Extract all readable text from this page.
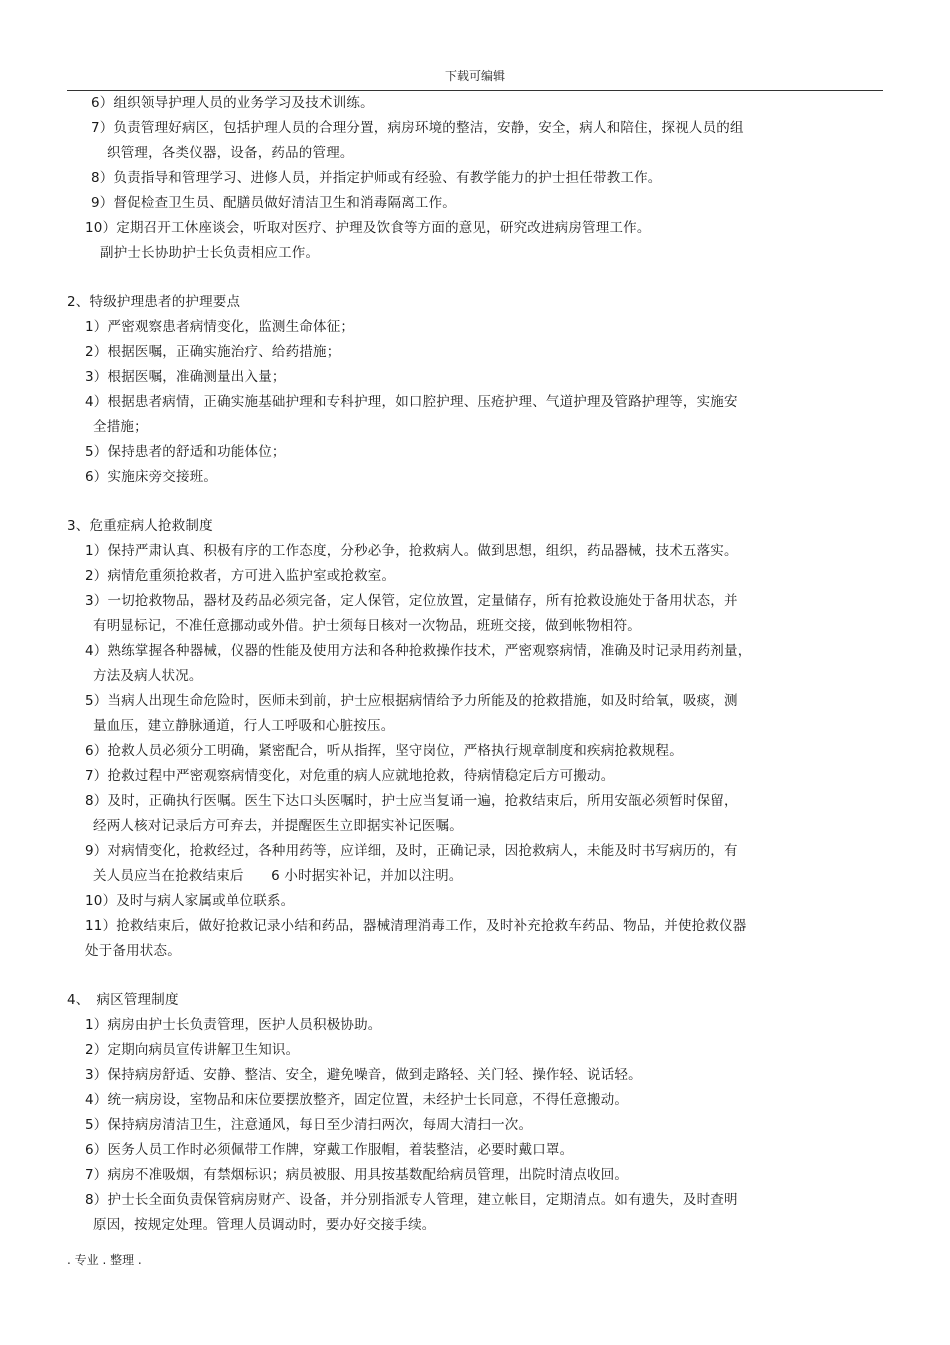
下载可编辑
6）组织领导护理人员的业务学习及技术训练。
7）负责管理好病区，包括护理人员的合理分置，病房环境的整洁，安静，安全，病人和陪住，探视人员的组
织管理，各类仪器，设备，药品的管理。
8）负责指导和管理学习、进修人员，并指定护师或有经验、有教学能力的护士担任带教工作。
9）督促检查卫生员、配膳员做好清洁卫生和消毒隔离工作。
10）定期召开工休座谈会，听取对医疗、护理及饮食等方面的意见，研究改进病房管理工作。
副护士长协助护士长负责相应工作。
2、特级护理患者的护理要点
1）严密观察患者病情变化，监测生命体征；
2）根据医嘱，正确实施治疗、给药措施；
3）根据医嘱，准确测量出入量；
4）根据患者病情，正确实施基础护理和专科护理，如口腔护理、压疮护理、气道护理及管路护理等，实施安
全措施；
5）保持患者的舒适和功能体位；
6）实施床旁交接班。
3、危重症病人抢救制度
1）保持严肃认真、积极有序的工作态度，分秒必争，抢救病人。做到思想，组织，药品器械，技术五落实。
2）病情危重须抢救者，方可进入监护室或抢救室。
3）一切抢救物品，器材及药品必须完备，定人保管，定位放置，定量储存，所有抢救设施处于备用状态，并
有明显标记，不准任意挪动或外借。护士须每日核对一次物品，班班交接，做到帐物相符。
4）熟练掌握各种器械，仪器的性能及使用方法和各种抢救操作技术，严密观察病情，准确及时记录用药剂量，
方法及病人状况。
5）当病人出现生命危险时，医师未到前，护士应根据病情给予力所能及的抢救措施，如及时给氧，吸痰，测
量血压，建立静脉通道，行人工呼吸和心脏按压。
6）抢救人员必须分工明确，紧密配合，听从指挥，坚守岗位，严格执行规章制度和疾病抢救规程。
7）抢救过程中严密观察病情变化，对危重的病人应就地抢救，待病情稳定后方可搬动。
8）及时，正确执行医嘱。医生下达口头医嘱时，护士应当复诵一遍，抢救结束后，所用安瓿必须暂时保留，
经两人核对记录后方可弃去，并提醒医生立即据实补记医嘱。
9）对病情变化，抢救经过，各种用药等，应详细，及时，正确记录，因抢救病人，未能及时书写病历的，有
关人员应当在抢救结束后　　6 小时据实补记，并加以注明。
10）及时与病人家属或单位联系。
11）抢救结束后，做好抢救记录小结和药品，器械清理消毒工作，及时补充抢救车药品、物品，并使抢救仪器
处于备用状态。
4、　病区管理制度
1）病房由护士长负责管理，医护人员积极协助。
2）定期向病员宣传讲解卫生知识。
3）保持病房舒适、安静、整洁、安全，避免噪音，做到走路轻、关门轻、操作轻、说话轻。
4）统一病房设，室物品和床位要摆放整齐，固定位置，未经护士长同意，不得任意搬动。
5）保持病房清洁卫生，注意通风，每日至少清扫两次，每周大清扫一次。
6）医务人员工作时必须佩带工作牌，穿戴工作服帽，着装整洁，必要时戴口罩。
7）病房不准吸烟，有禁烟标识；病员被服、用具按基数配给病员管理，出院时清点收回。
8）护士长全面负责保管病房财产、设备，并分别指派专人管理，建立帐目，定期清点。如有遗失，及时查明
原因，按规定处理。管理人员调动时，要办好交接手续。
. 专业 . 整理 .
